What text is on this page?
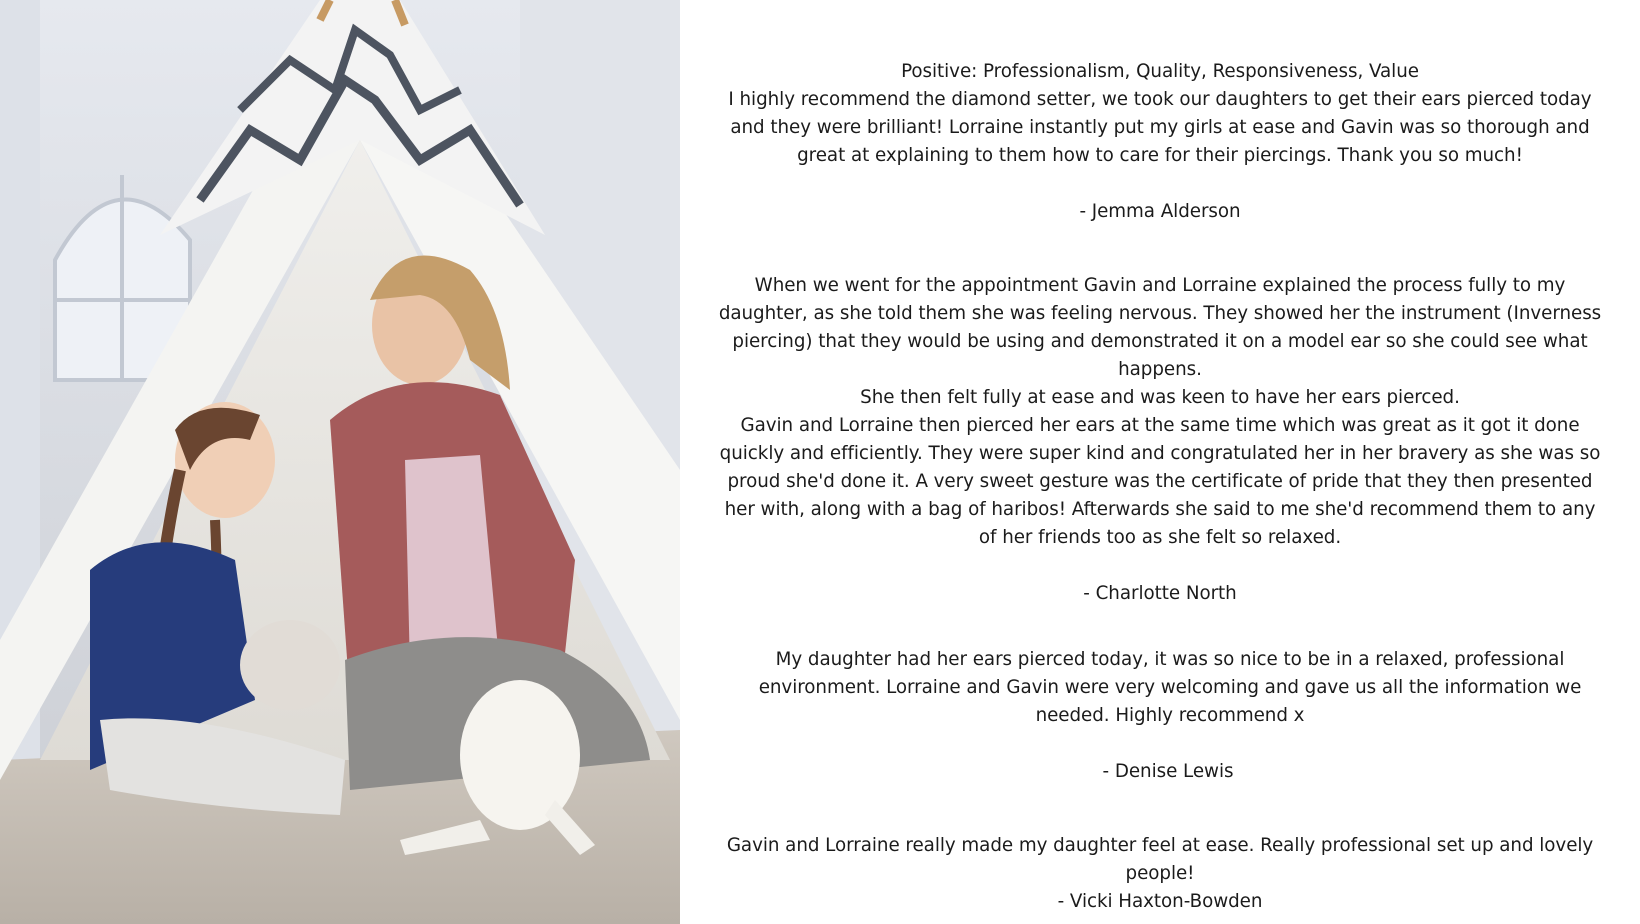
Positive: Professionalism, Quality, Responsiveness, Value

I highly recommend the diamond setter, we took our daughters to get their ears pierced today and they were brilliant! Lorraine instantly put my girls at ease and Gavin was so thorough and great at explaining to them how to care for their piercings. Thank you so much!

- Jemma Alderson

When we went for the appointment Gavin and Lorraine explained the process fully to my daughter, as she told them she was feeling nervous. They showed her the instrument (Inverness piercing) that they would be using and demonstrated it on a model ear so she could see what happens.

She then felt fully at ease and was keen to have her ears pierced.

Gavin and Lorraine then pierced her ears at the same time which was great as it got it done quickly and efficiently. They were super kind and congratulated her in her bravery as she was so proud she'd done it. A very sweet gesture was the certificate of pride that they then presented her with, along with a bag of haribos! Afterwards she said to me she'd recommend them to any of her friends too as she felt so relaxed.

- Charlotte North

My daughter had her ears pierced today, it was so nice to be in a relaxed, professional environment. Lorraine and Gavin were very welcoming and gave us all the information we needed. Highly recommend x

- Denise Lewis

Gavin and Lorraine really made my daughter feel at ease. Really professional set up and lovely people!

- Vicki Haxton-Bowden
